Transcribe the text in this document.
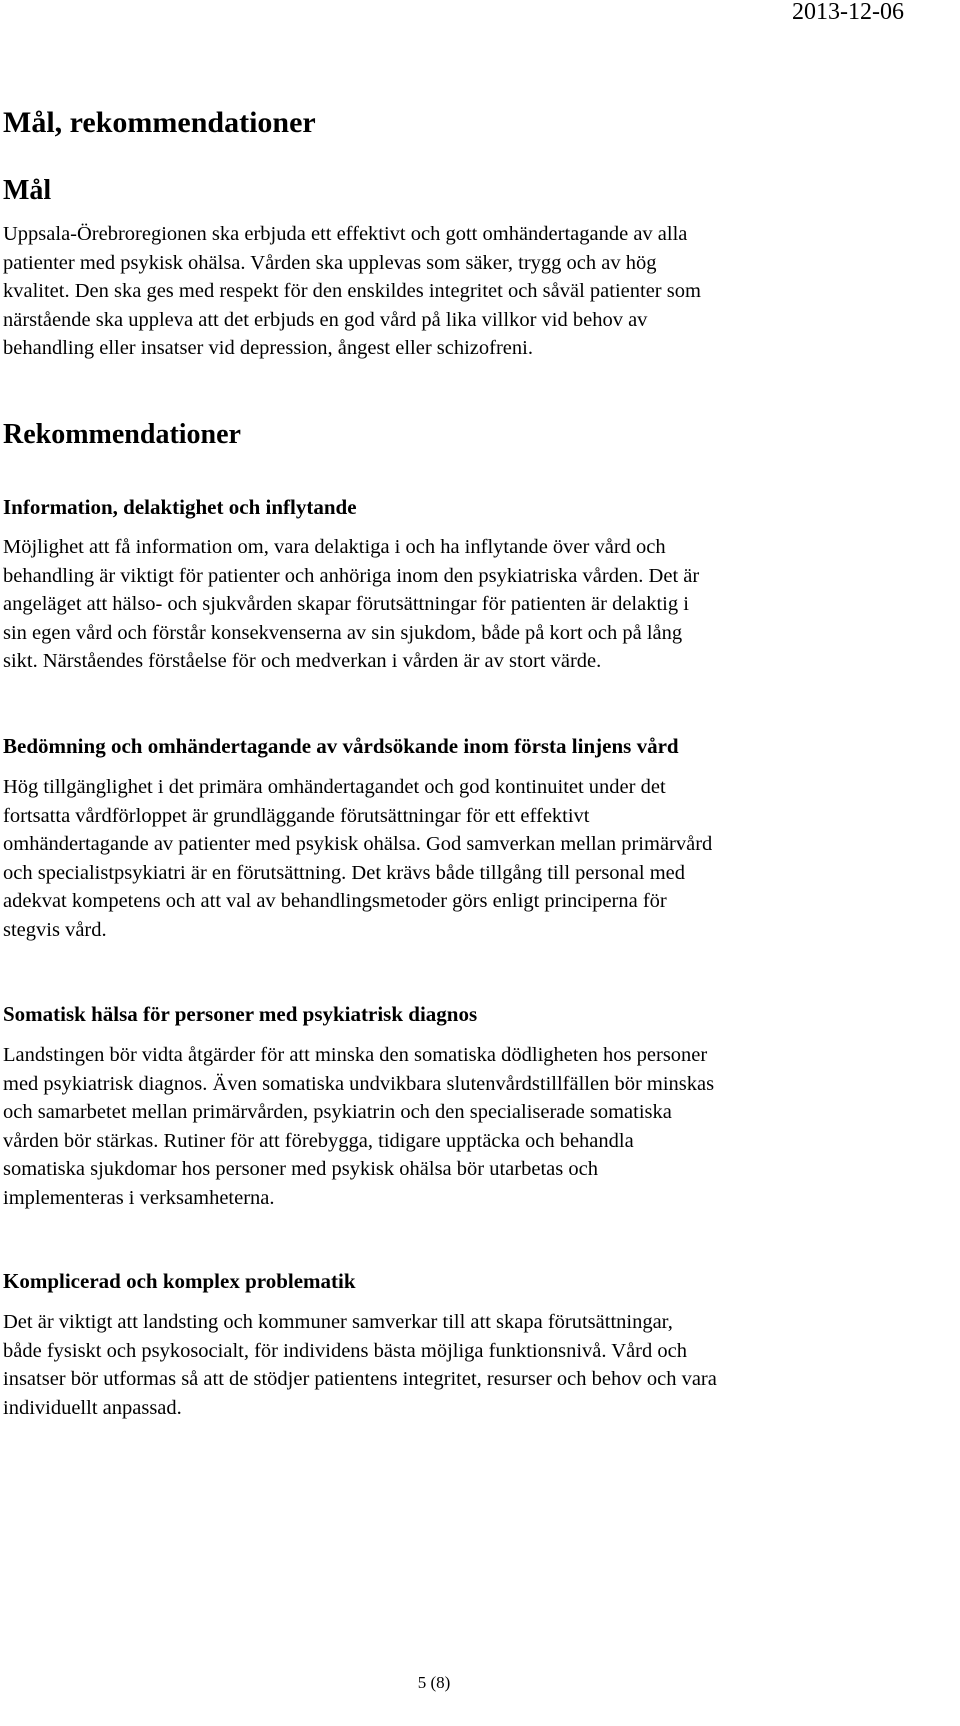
2013-12-06
Mål, rekommendationer
Mål
Uppsala-Örebroregionen ska erbjuda ett effektivt och gott omhändertagande av alla
patienter med psykisk ohälsa. Vården ska upplevas som säker, trygg och av hög
kvalitet. Den ska ges med respekt för den enskildes integritet och såväl patienter som
närstående ska uppleva att det erbjuds en god vård på lika villkor vid behov av
behandling eller insatser vid depression, ångest eller schizofreni.
Rekommendationer
Information, delaktighet och inflytande
Möjlighet att få information om, vara delaktiga i och ha inflytande över vård och
behandling är viktigt för patienter och anhöriga inom den psykiatriska vården. Det är
angeläget att hälso- och sjukvården skapar förutsättningar för patienten är delaktig i
sin egen vård och förstår konsekvenserna av sin sjukdom, både på kort och på lång
sikt. Närståendes förståelse för och medverkan i vården är av stort värde.
Bedömning och omhändertagande av vårdsökande inom första linjens vård
Hög tillgänglighet i det primära omhändertagandet och god kontinuitet under det
fortsatta vårdförloppet är grundläggande förutsättningar för ett effektivt
omhändertagande av patienter med psykisk ohälsa. God samverkan mellan primärvård
och specialistpsykiatri är en förutsättning. Det krävs både tillgång till personal med
adekvat kompetens och att val av behandlingsmetoder görs enligt principerna för
stegvis vård.
Somatisk hälsa för personer med psykiatrisk diagnos
Landstingen bör vidta åtgärder för att minska den somatiska dödligheten hos personer
med psykiatrisk diagnos. Även somatiska undvikbara slutenvårdstillfällen bör minskas
och samarbetet mellan primärvården, psykiatrin och den specialiserade somatiska
vården bör stärkas. Rutiner för att förebygga, tidigare upptäcka och behandla
somatiska sjukdomar hos personer med psykisk ohälsa bör utarbetas och
implementeras i verksamheterna.
Komplicerad och komplex problematik
Det är viktigt att landsting och kommuner samverkar till att skapa förutsättningar,
både fysiskt och psykosocialt, för individens bästa möjliga funktionsnivå. Vård och
insatser bör utformas så att de stödjer patientens integritet, resurser och behov och vara
individuellt anpassad.
5 (8)
